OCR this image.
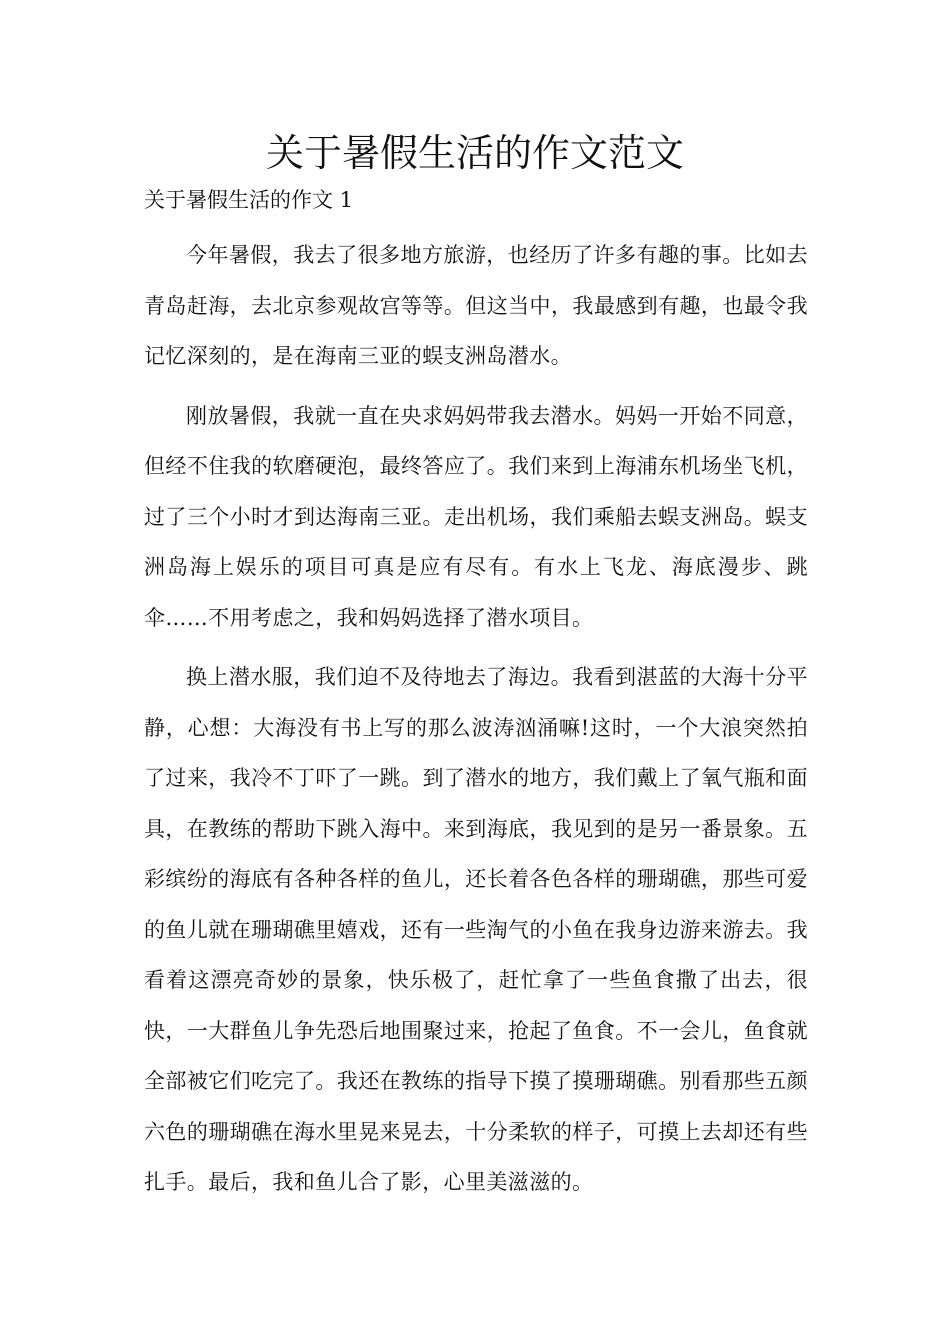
关于暑假生活的作文范文

关于暑假生活的作文 1

今年暑假，我去了很多地方旅游，也经历了许多有趣的事。比如去青岛赶海，去北京参观故宫等等。但这当中，我最感到有趣，也最令我记忆深刻的，是在海南三亚的蜈支洲岛潜水。

刚放暑假，我就一直在央求妈妈带我去潜水。妈妈一开始不同意，但经不住我的软磨硬泡，最终答应了。我们来到上海浦东机场坐飞机，过了三个小时才到达海南三亚。走出机场，我们乘船去蜈支洲岛。蜈支洲岛海上娱乐的项目可真是应有尽有。有水上飞龙、海底漫步、跳伞……不用考虑之，我和妈妈选择了潜水项目。

换上潜水服，我们迫不及待地去了海边。我看到湛蓝的大海十分平静，心想：大海没有书上写的那么波涛汹涌嘛!这时，一个大浪突然拍了过来，我冷不丁吓了一跳。到了潜水的地方，我们戴上了氧气瓶和面具，在教练的帮助下跳入海中。来到海底，我见到的是另一番景象。五彩缤纷的海底有各种各样的鱼儿，还长着各色各样的珊瑚礁，那些可爱的鱼儿就在珊瑚礁里嬉戏，还有一些淘气的小鱼在我身边游来游去。我看着这漂亮奇妙的景象，快乐极了，赶忙拿了一些鱼食撒了出去，很快，一大群鱼儿争先恐后地围聚过来，抢起了鱼食。不一会儿，鱼食就全部被它们吃完了。我还在教练的指导下摸了摸珊瑚礁。别看那些五颜六色的珊瑚礁在海水里晃来晃去，十分柔软的样子，可摸上去却还有些扎手。最后，我和鱼儿合了影，心里美滋滋的。
